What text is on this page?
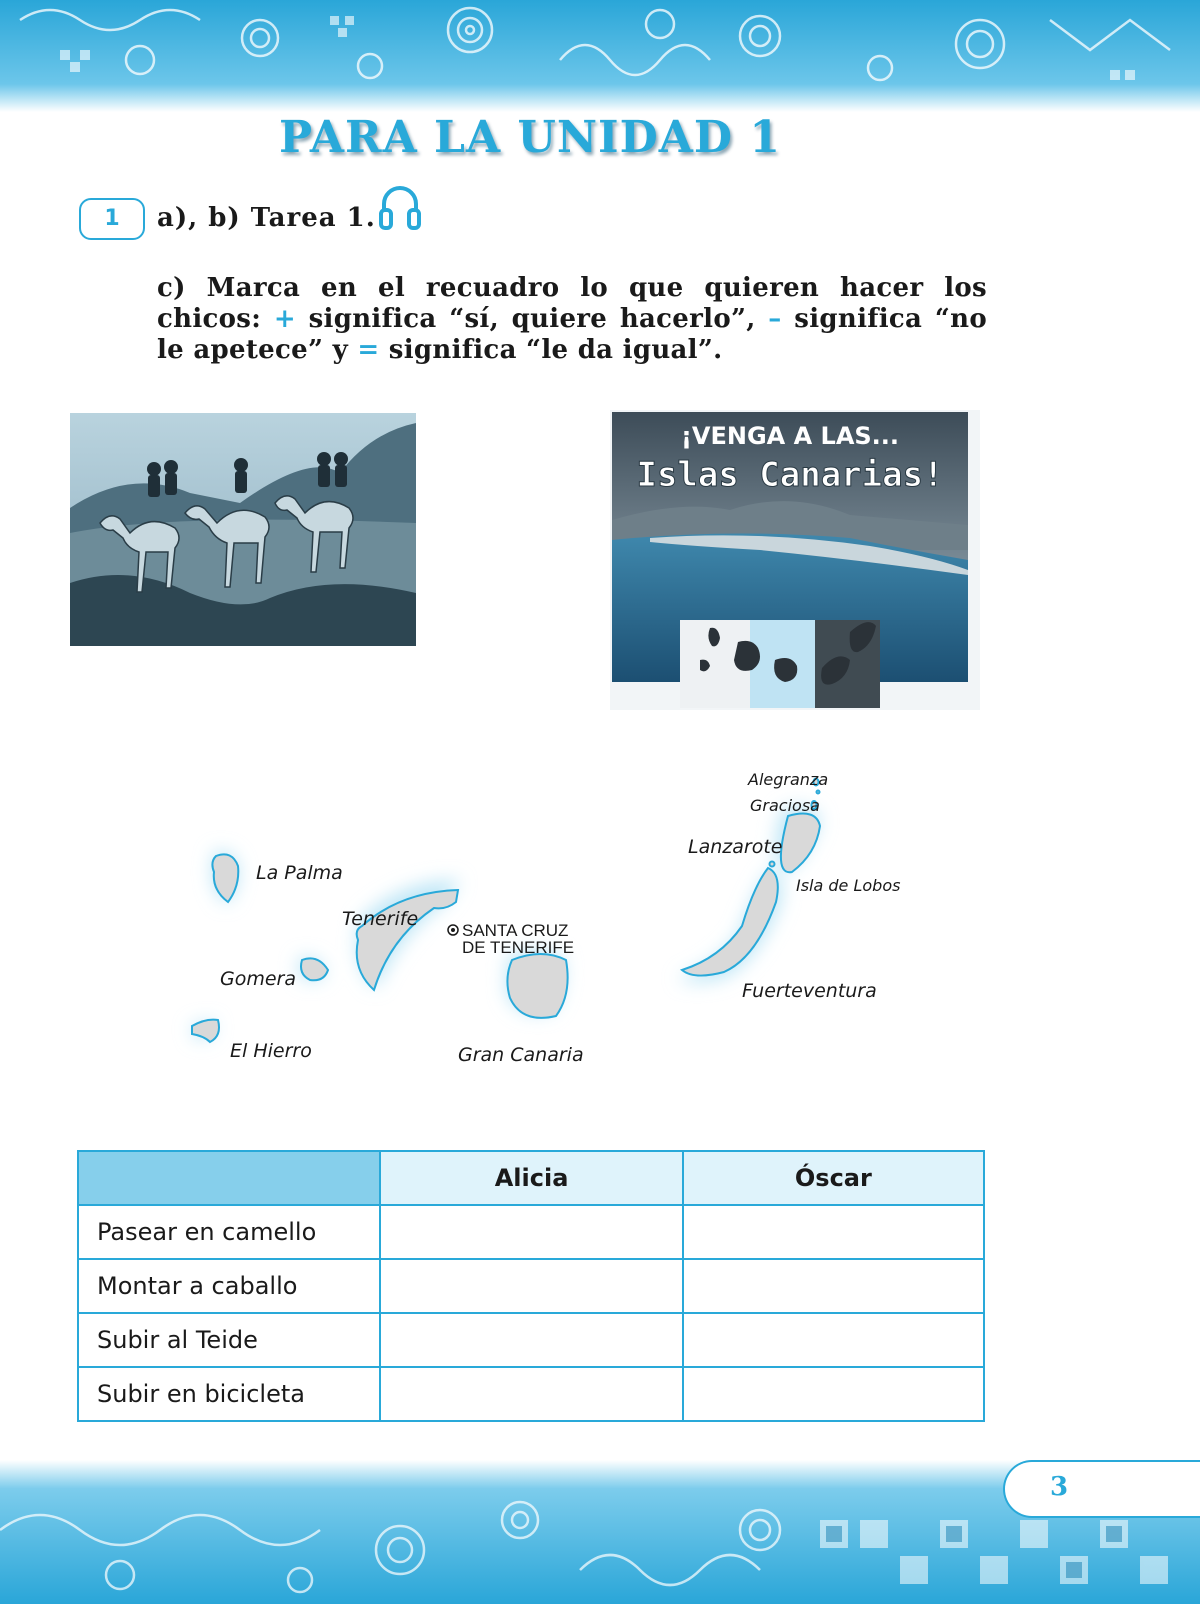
PARA LA UNIDAD 1
1	a), b) Tarea 1.
c) Marca en el recuadro lo que quieren hacer los chicos: + significa “sí, quiere hacerlo”, – significa “no le apetece” y = significa “le da igual”.
¡VENGA A LAS...
Islas Canarias!
Alegranza
Graciosa
Lanzarote
Isla de Lobos
La Palma
Tenerife
SANTA CRUZ
DE TENERIFE
Gomera
Fuerteventura
El Hierro	Gran Canaria
	Alicia	Óscar
Pasear en camello		
Montar a caballo		
Subir al Teide		
Subir en bicicleta		
3
